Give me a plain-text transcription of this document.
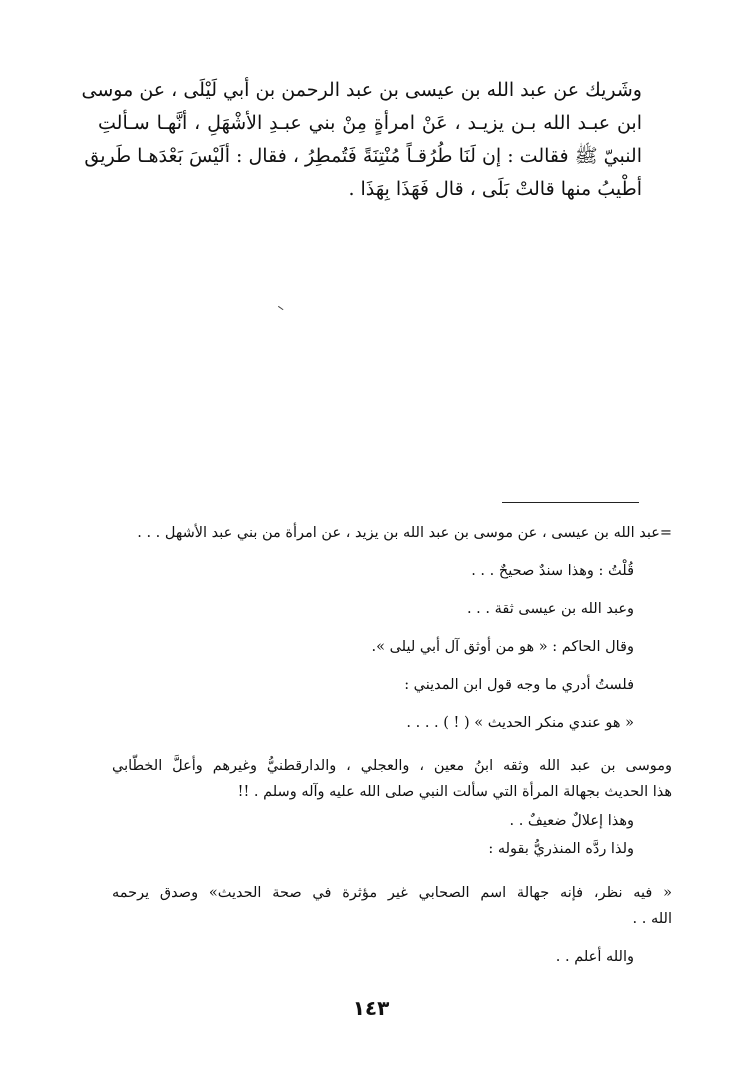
وشَريك عن عبد الله بن عيسى بن عبد الرحمن بن أبي لَيْلَى ، عن موسى
ابن عبـد الله بـن يزيـد ، عَنْ امرأةٍ مِنْ بني عبـدِ الأشْهَلِ ، أنَّهـا سـألتِ
النبيّ ﷺ فقالت : إن لَنَا طُرُقـاً مُنْتِنَةً فَتُمطِرُ ، فقال : ألَيْسَ بَعْدَهـا طَريق
أطْيبُ منها قالتْ بَلَى ، قال فَهَذَا بِهَذَا .

=عبد الله بن عيسى ، عن موسى بن عبد الله بن يزيد ، عن امرأة من بني عبد الأشهل . . .

قُلْتُ : وهذا سندٌ صحيحٌ . . .

وعبد الله بن عيسى ثقة . . .

وقال الحاكم : « هو من أوثق آل أبي ليلى ».

فلستُ أدري ما وجه قول ابن المديني :

« هو عندي منكر الحديث » ( ! ) . . . .

وموسى بن عبد الله وثقه ابنُ معين ، والعجلي ، والدارقطنيُّ وغيرهم وأعلَّ الخطّابي

هذا الحديث بجهالة المرأة التي سألت النبي صلى الله عليه وآله وسلم . !!

وهذا إعلالٌ ضعيفٌ . .

ولذا ردَّه المنذريُّ بقوله :

« فيه نظر، فإنه جهالة اسم الصحابي غير مؤثرة في صحة الحديث» وصدق يرحمه

الله . .

والله أعلم . .

١٤٣
